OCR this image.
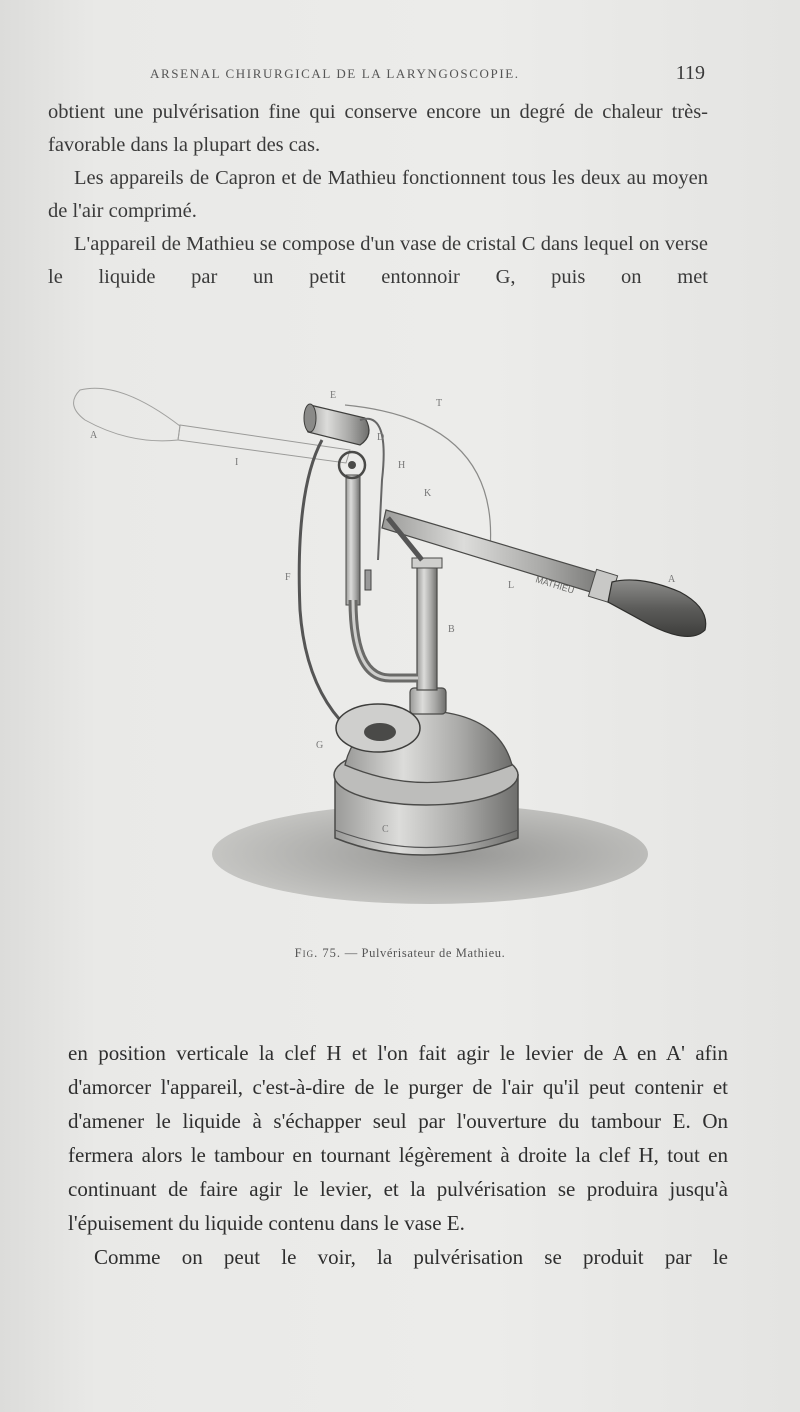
ARSENAL CHIRURGICAL DE LA LARYNGOSCOPIE.	119

obtient une pulvérisation fine qui conserve encore un degré de chaleur très-favorable dans la plupart des cas.

Les appareils de Capron et de Mathieu fonctionnent tous les deux au moyen de l'air comprimé.

L'appareil de Mathieu se compose d'un vase de cristal C dans lequel on verse le liquide par un petit entonnoir G, puis on met

MATHIEU
A
E
T
D
H
K
I
F
L
A
B
G
C
Fig. 75. — Pulvérisateur de Mathieu.

en position verticale la clef H et l'on fait agir le levier de A en A' afin d'amorcer l'appareil, c'est-à-dire de le purger de l'air qu'il peut contenir et d'amener le liquide à s'échapper seul par l'ouverture du tambour E. On fermera alors le tambour en tournant légèrement à droite la clef H, tout en continuant de faire agir le levier, et la pulvérisation se produira jusqu'à l'épuisement du liquide contenu dans le vase E.

Comme on peut le voir, la pulvérisation se produit par le
